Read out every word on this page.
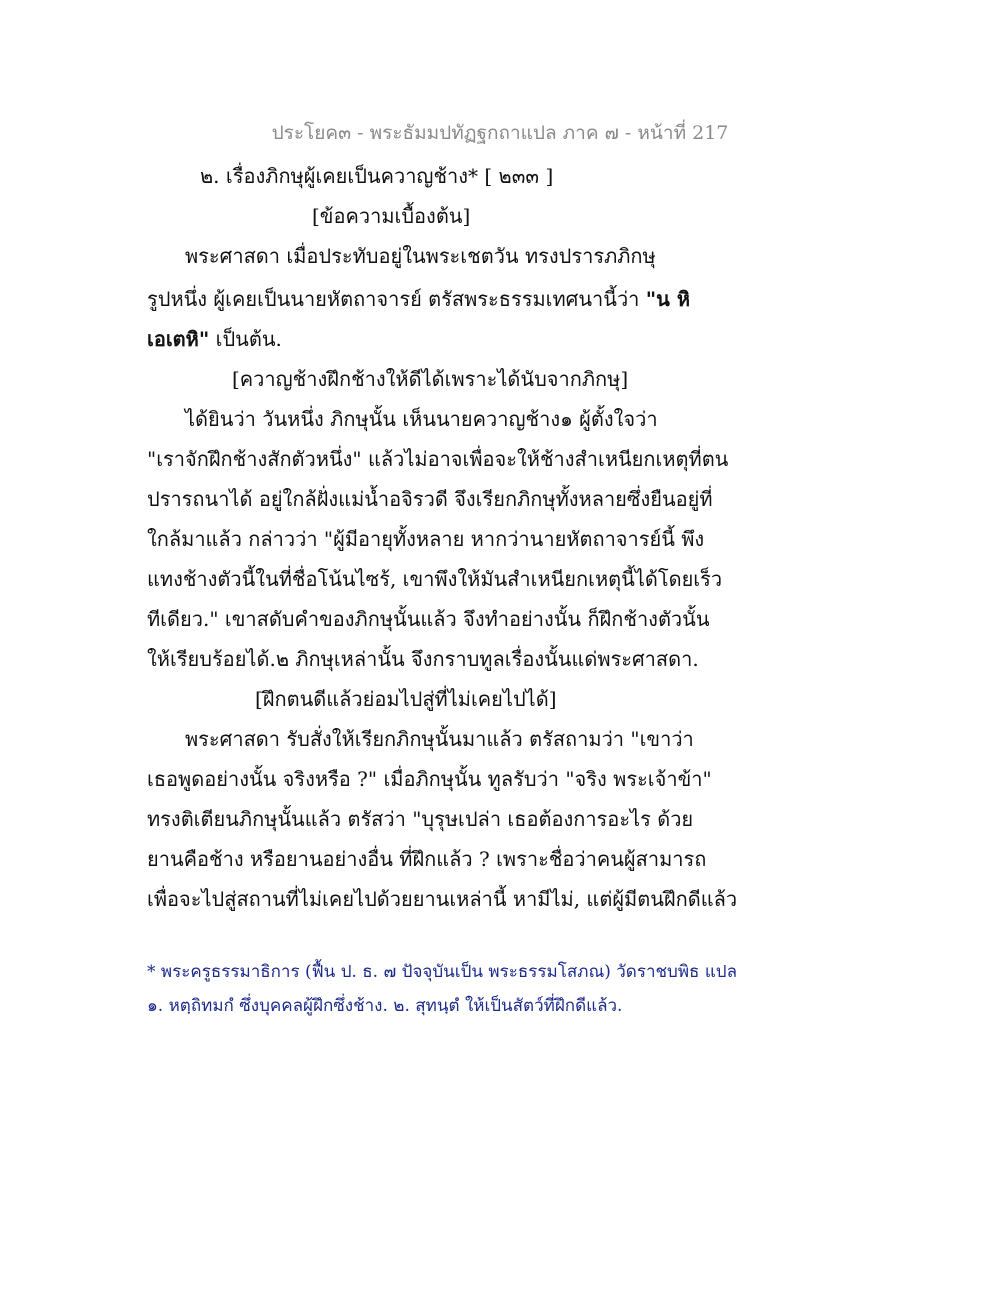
ประโยค๓ - พระธัมมปทัฏฐกถาแปล ภาค ๗ - หน้าที่ 217
๒. เรื่องภิกษุผู้เคยเป็นควาญช้าง* [ ๒๓๓ ]
[ข้อความเบื้องต้น]
พระศาสดา เมื่อประทับอยู่ในพระเชตวัน ทรงปรารภภิกษุ
รูปหนึ่ง ผู้เคยเป็นนายหัตถาจารย์ ตรัสพระธรรมเทศนานี้ว่า "น หิ
เอเตหิ" เป็นต้น.
[ควาญช้างฝึกช้างให้ดีได้เพราะได้นับจากภิกษุ]
ได้ยินว่า วันหนึ่ง ภิกษุนั้น เห็นนายควาญช้าง๑ ผู้ตั้งใจว่า
"เราจักฝึกช้างสักตัวหนึ่ง" แล้วไม่อาจเพื่อจะให้ช้างสำเหนียกเหตุที่ตน
ปรารถนาได้ อยู่ใกล้ฝั่งแม่น้ำอจิรวดี จึงเรียกภิกษุทั้งหลายซึ่งยืนอยู่ที่
ใกล้มาแล้ว กล่าวว่า "ผู้มีอายุทั้งหลาย หากว่านายหัตถาจารย์นี้ พึง
แทงช้างตัวนี้ในที่ชื่อโน้นไซร้, เขาพึงให้มันสำเหนียกเหตุนี้ได้โดยเร็ว
ทีเดียว." เขาสดับคำของภิกษุนั้นแล้ว จึงทำอย่างนั้น ก็ฝึกช้างตัวนั้น
ให้เรียบร้อยได้.๒ ภิกษุเหล่านั้น จึงกราบทูลเรื่องนั้นแด่พระศาสดา.
[ฝึกตนดีแล้วย่อมไปสู่ที่ไม่เคยไปได้]
พระศาสดา รับสั่งให้เรียกภิกษุนั้นมาแล้ว ตรัสถามว่า "เขาว่า
เธอพูดอย่างนั้น จริงหรือ ?" เมื่อภิกษุนั้น ทูลรับว่า "จริง พระเจ้าข้า"
ทรงติเตียนภิกษุนั้นแล้ว ตรัสว่า "บุรุษเปล่า เธอต้องการอะไร ด้วย
ยานคือช้าง หรือยานอย่างอื่น ที่ฝึกแล้ว ? เพราะชื่อว่าคนผู้สามารถ
เพื่อจะไปสู่สถานที่ไม่เคยไปด้วยยานเหล่านี้ หามีไม่, แต่ผู้มีตนฝึกดีแล้ว
* พระครูธรรมาธิการ (ฟื้น ป. ธ. ๗ ปัจจุบันเป็น พระธรรมโสภณ) วัดราชบพิธ แปล
๑. หตฺถิทมกํ ซึ่งบุคคลผู้ฝึกซึ่งช้าง. ๒. สุทนฺตํ ให้เป็นสัตว์ที่ฝึกดีแล้ว.
